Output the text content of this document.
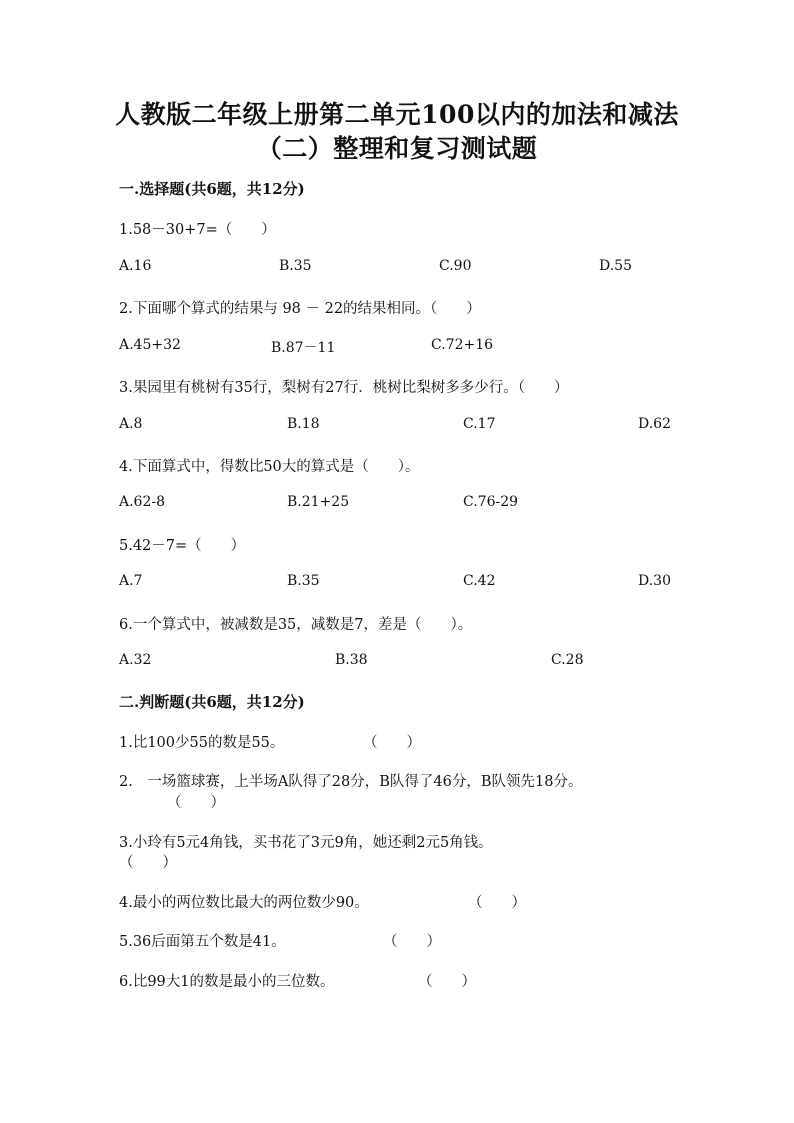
人教版二年级上册第二单元100以内的加法和减法
（二）整理和复习测试题
一.选择题(共6题，共12分)
1.58－30+7=（　　）
A.16	B.35	C.90	D.55
2.下面哪个算式的结果与 98 － 22的结果相同。（　　）
A.45+32	B.87－11	C.72+16
3.果园里有桃树有35行，梨树有27行．桃树比梨树多多少行。（　　）
A.8	B.18	C.17	D.62
4.下面算式中，得数比50大的算式是（　　）。
A.62-8	B.21+25	C.76-29
5.42－7=（　　）
A.7	B.35	C.42	D.30
6.一个算式中，被减数是35，减数是7，差是（　　）。
A.32	B.38	C.28
二.判断题(共6题，共12分)
1.比100少55的数是55。	（　　）
2.　一场篮球赛，上半场A队得了28分，B队得了46分，B队领先18分。
（　　）
3.小玲有5元4角钱，买书花了3元9角，她还剩2元5角钱。
（　　）
4.最小的两位数比最大的两位数少90。	（　　）
5.36后面第五个数是41。	（　　）
6.比99大1的数是最小的三位数。	（　　）
